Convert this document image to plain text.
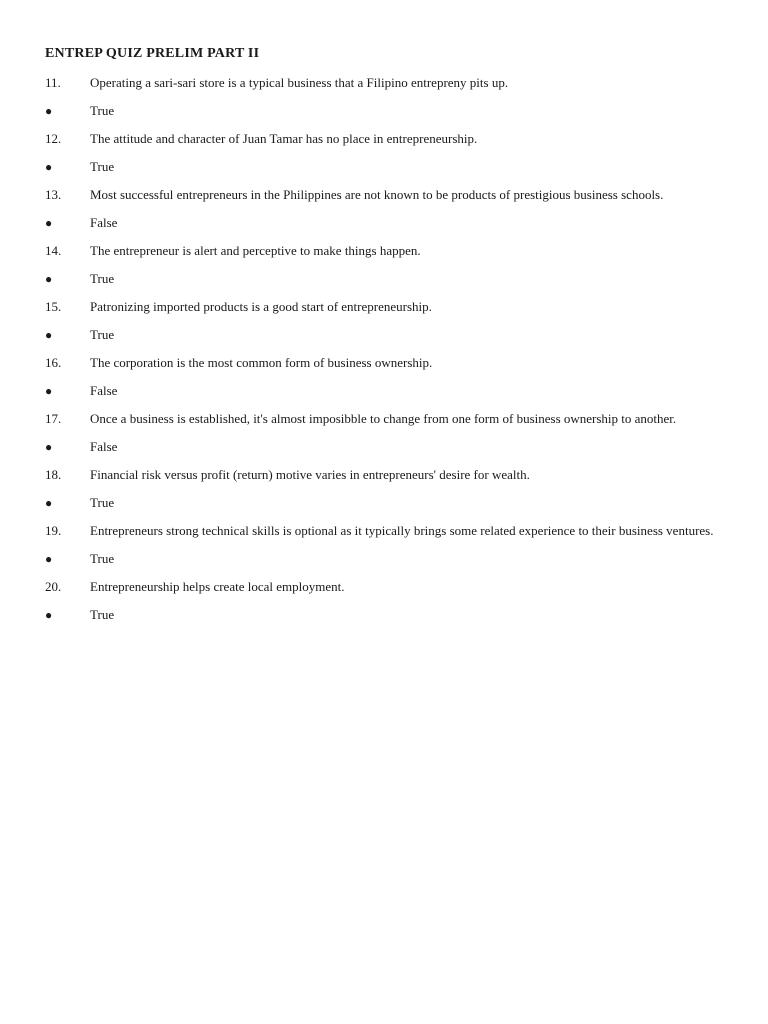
ENTREP QUIZ PRELIM PART II
11.	Operating a sari-sari store is a typical business that a Filipino entrepreny pits up.
●	True
12.	The attitude and character of Juan Tamar has no place in entrepreneurship.
●	True
13.	Most successful entrepreneurs in the Philippines are not known to be products of prestigious business schools.
●	False
14.	The entrepreneur is alert and perceptive to make things happen.
●	True
15.	Patronizing imported products is a good start of entrepreneurship.
●	True
16.	The corporation is the most common form of business ownership.
●	False
17.	Once a business is established, it's almost imposibble to change from one form of business ownership to another.
●	False
18.	Financial risk versus profit (return) motive varies in entrepreneurs' desire for wealth.
●	True
19. Entrepreneurs strong technical skills is optional as it typically brings some related experience to their business ventures.
●	True
20.	Entrepreneurship helps create local employment.
●	True
